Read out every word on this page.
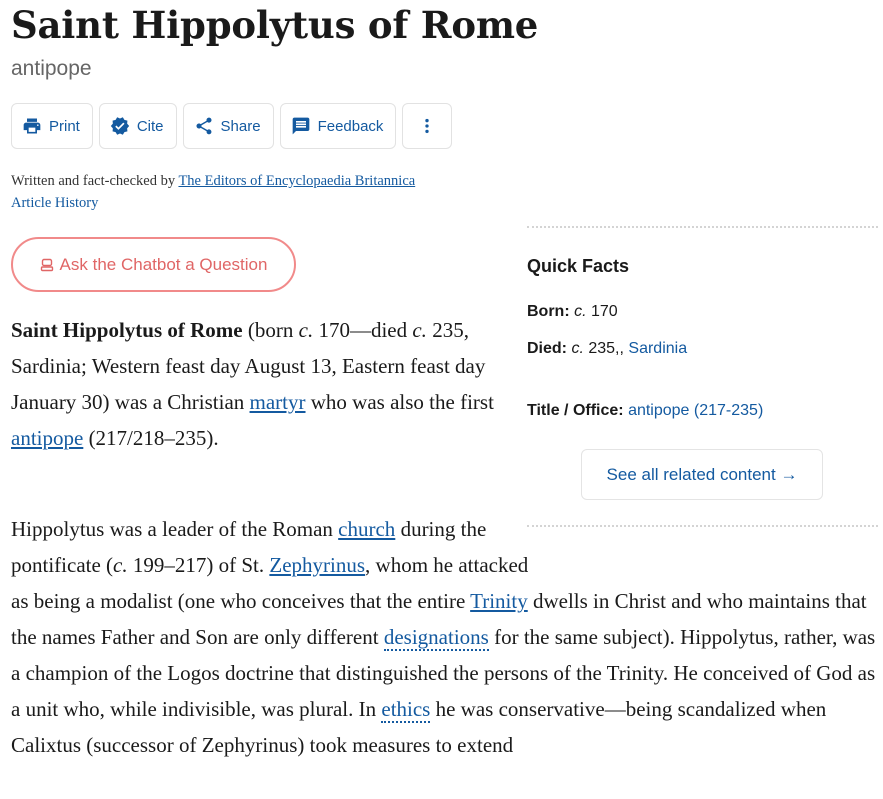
Saint Hippolytus of Rome
antipope
Print	Cite	Share	Feedback
Written and fact-checked by The Editors of Encyclopaedia Britannica
Article History
Ask the Chatbot a Question
Saint Hippolytus of Rome (born c. 170—died c. 235, Sardinia; Western feast day August 13, Eastern feast day January 30) was a Christian martyr who was also the first antipope (217/218–235).
Hippolytus was a leader of the Roman church during the pontificate (c. 199–217) of St. Zephyrinus, whom he attacked as being a modalist (one who conceives that the entire Trinity dwells in Christ and who maintains that the names Father and Son are only different designations for the same subject). Hippolytus, rather, was a champion of the Logos doctrine that distinguished the persons of the Trinity. He conceived of God as a unit who, while indivisible, was plural. In ethics he was conservative—being scandalized when Calixtus (successor of Zephyrinus) took measures to extend
Quick Facts
Born: c. 170
Died: c. 235,, Sardinia
Title / Office: antipope (217-235)
See all related content →
